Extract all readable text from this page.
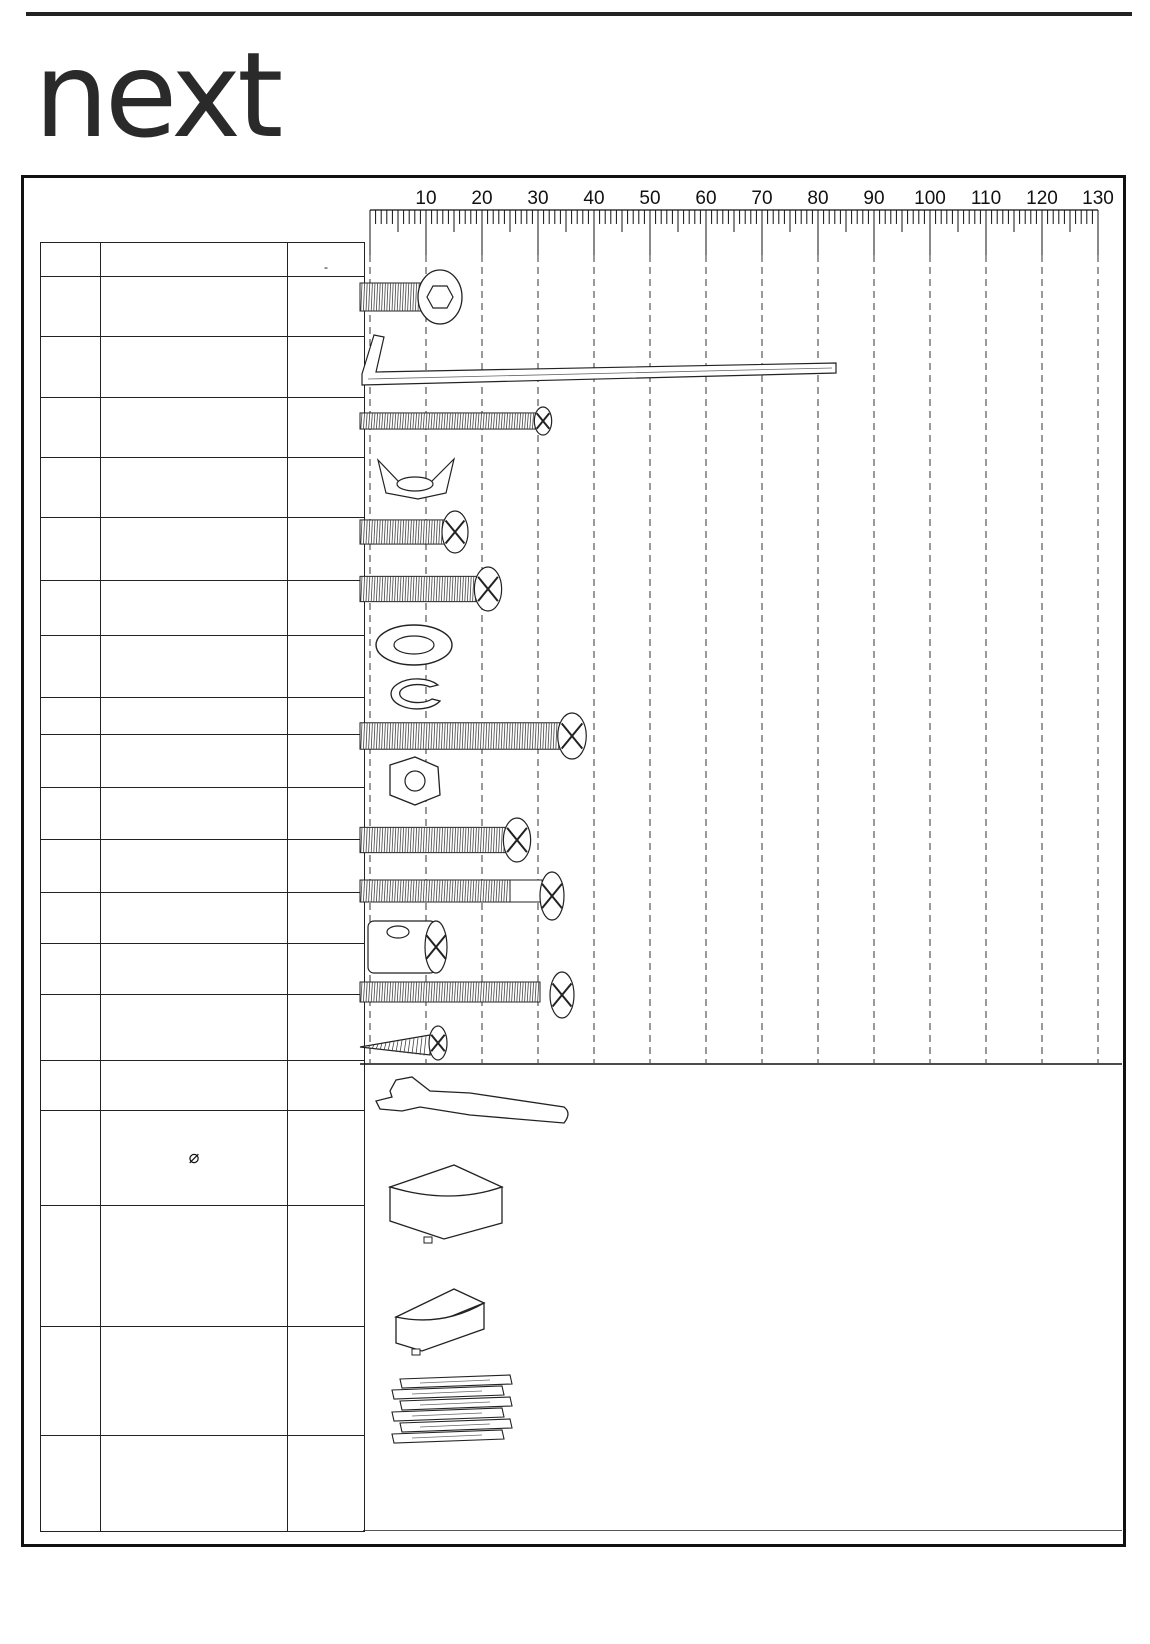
next
		-

	⌀	

10 20 30 40 50 60 70 80 90 100 110 120 130
